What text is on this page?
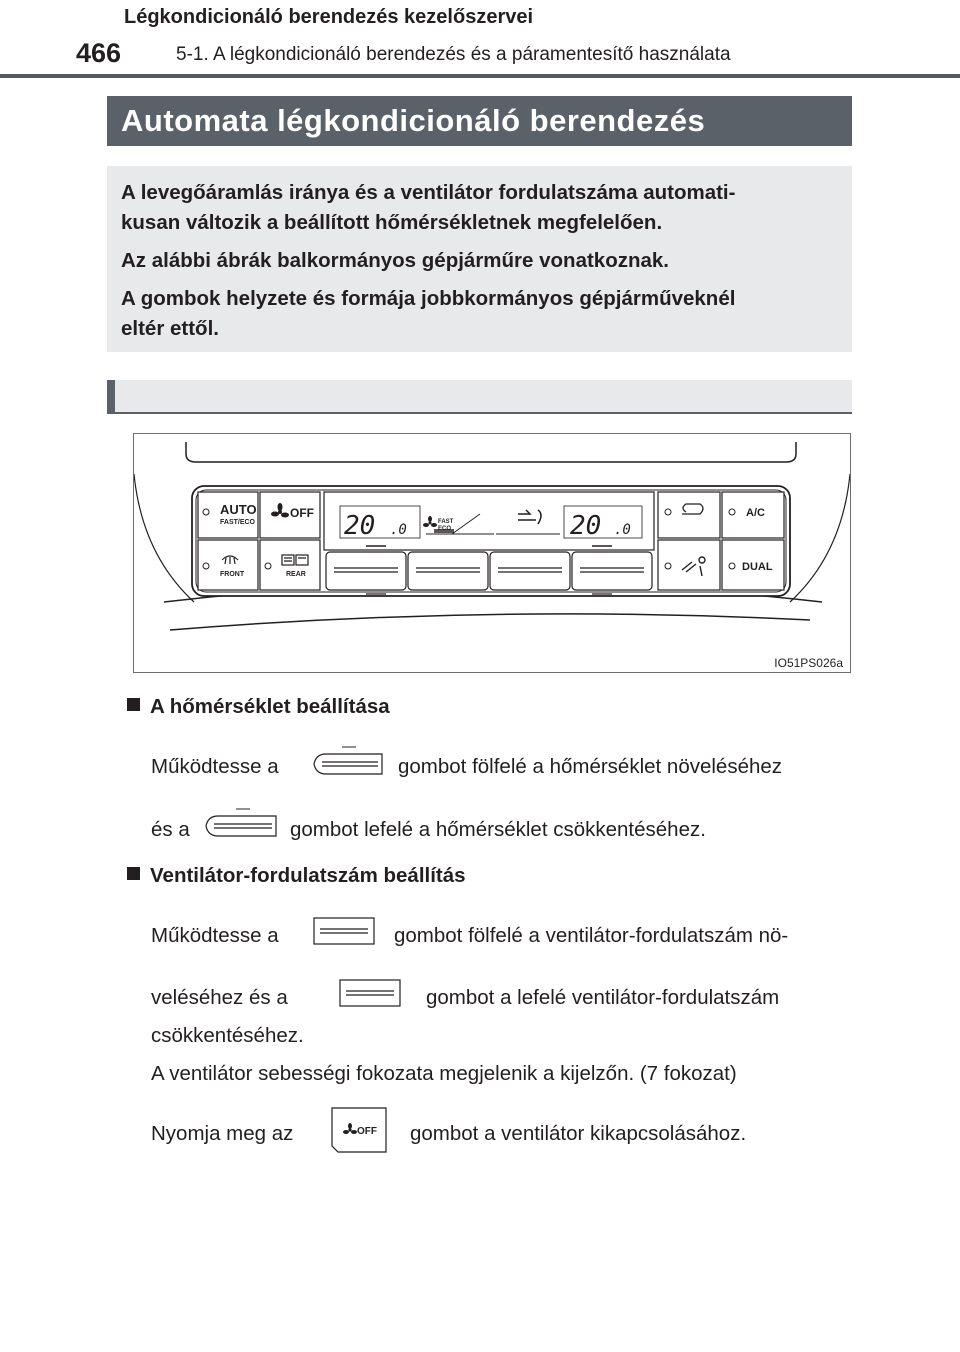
466	5-1. A légkondicionáló berendezés és a páramentesítő használata
Automata légkondicionáló berendezés

A levegőáramlás iránya és a ventilátor fordulatszáma automati-

kusan változik a beállított hőmérsékletnek megfelelően.

Az alábbi ábrák balkormányos gépjárműre vonatkoznak.

A gombok helyzete és formája jobbkormányos gépjárműveknél

eltér ettől.

Légkondicionáló berendezés kezelőszervei
AUTO
FAST/ECO
OFF
FRONT	REAR
A/C
DUAL
20 .0	20 .0
FAST
ECO
IO51PS026a
A hőmérséklet beállítása
Működtesse a	gombot fölfelé a hőmérséklet növeléséhez
és a	gombot lefelé a hőmérséklet csökkentéséhez.
Ventilátor-fordulatszám beállítás
Működtesse a	gombot fölfelé a ventilátor-fordulatszám nö-
veléséhez és a	gombot a lefelé ventilátor-fordulatszám
csökkentéséhez.
A ventilátor sebességi fokozata megjelenik a kijelzőn. (7 fokozat)
Nyomja meg az	OFF gombot a ventilátor kikapcsolásához.
